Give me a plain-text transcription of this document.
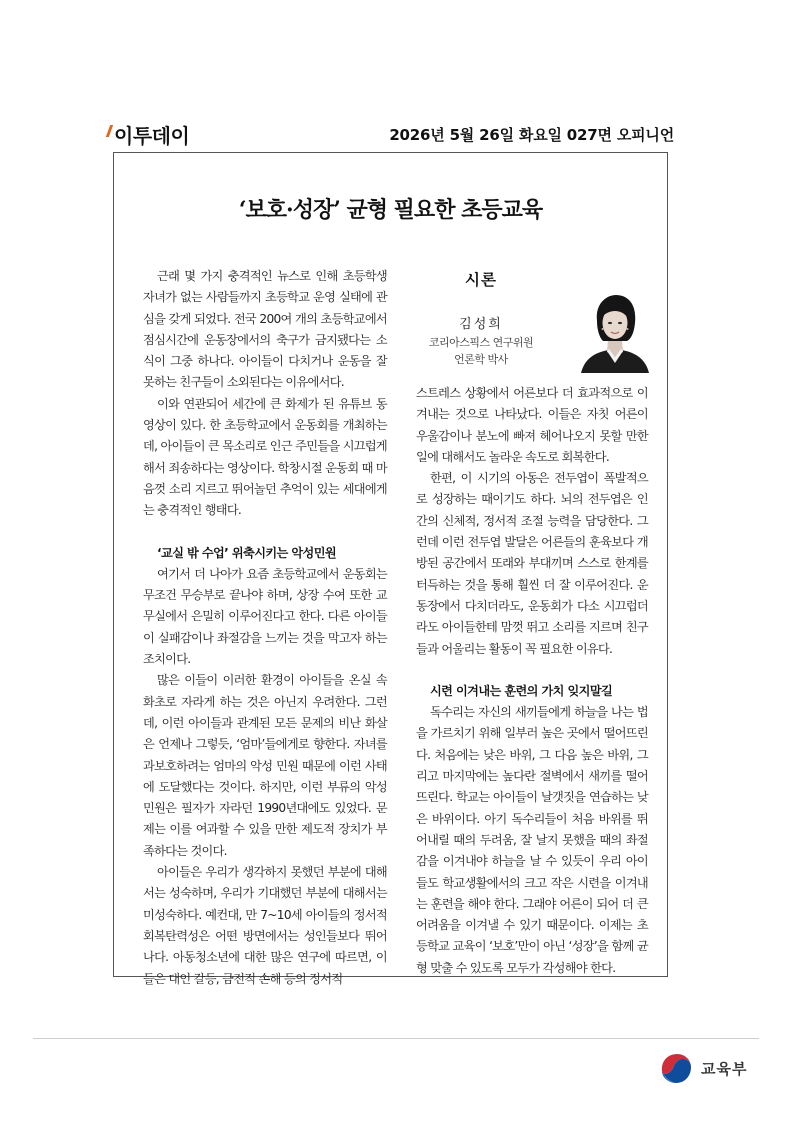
이투데이	2026년 5월 26일 화요일 027면 오피니언
‘보호·성장’ 균형 필요한 초등교육

근래 몇 가지 충격적인 뉴스로 인해 초등학생 자녀가 없는 사람들까지 초등학교 운영 실태에 관심을 갖게 되었다. 전국 200여 개의 초등학교에서 점심시간에 운동장에서의 축구가 금지됐다는 소식이 그중 하나다. 아이들이 다치거나 운동을 잘 못하는 친구들이 소외된다는 이유에서다.

이와 연관되어 세간에 큰 화제가 된 유튜브 동영상이 있다. 한 초등학교에서 운동회를 개최하는데, 아이들이 큰 목소리로 인근 주민들을 시끄럽게 해서 죄송하다는 영상이다. 학창시절 운동회 때 마음껏 소리 지르고 뛰어놀던 추억이 있는 세대에게는 충격적인 행태다.

‘교실 밖 수업’ 위축시키는 악성민원

여기서 더 나아가 요즘 초등학교에서 운동회는 무조건 무승부로 끝나야 하며, 상장 수여 또한 교무실에서 은밀히 이루어진다고 한다. 다른 아이들이 실패감이나 좌절감을 느끼는 것을 막고자 하는 조치이다.

많은 이들이 이러한 환경이 아이들을 온실 속 화초로 자라게 하는 것은 아닌지 우려한다. 그런데, 이런 아이들과 관계된 모든 문제의 비난 화살은 언제나 그렇듯, ‘엄마’들에게로 향한다. 자녀를 과보호하려는 엄마의 악성 민원 때문에 이런 사태에 도달했다는 것이다. 하지만, 이런 부류의 악성민원은 필자가 자라던 1990년대에도 있었다. 문제는 이를 여과할 수 있을 만한 제도적 장치가 부족하다는 것이다.

아이들은 우리가 생각하지 못했던 부분에 대해서는 성숙하며, 우리가 기대했던 부분에 대해서는 미성숙하다. 예컨대, 만 7~10세 아이들의 정서적 회복탄력성은 어떤 방면에서는 성인들보다 뛰어나다. 아동청소년에 대한 많은 연구에 따르면, 이들은 대인 갈등, 금전적 손해 등의 정서적

시론
김성희
코리아스픽스 연구위원
언론학 박사

스트레스 상황에서 어른보다 더 효과적으로 이겨내는 것으로 나타났다. 이들은 자칫 어른이 우울감이나 분노에 빠져 헤어나오지 못할 만한 일에 대해서도 놀라운 속도로 회복한다.

한편, 이 시기의 아동은 전두엽이 폭발적으로 성장하는 때이기도 하다. 뇌의 전두엽은 인간의 신체적, 정서적 조절 능력을 담당한다. 그런데 이런 전두엽 발달은 어른들의 훈육보다 개방된 공간에서 또래와 부대끼며 스스로 한계를 터득하는 것을 통해 훨씬 더 잘 이루어진다. 운동장에서 다치더라도, 운동회가 다소 시끄럽더라도 아이들한테 맘껏 뛰고 소리를 지르며 친구들과 어울리는 활동이 꼭 필요한 이유다.

시련 이겨내는 훈련의 가치 잊지말길

독수리는 자신의 새끼들에게 하늘을 나는 법을 가르치기 위해 일부러 높은 곳에서 떨어뜨린다. 처음에는 낮은 바위, 그 다음 높은 바위, 그리고 마지막에는 높다란 절벽에서 새끼를 떨어뜨린다. 학교는 아이들이 날갯짓을 연습하는 낮은 바위이다. 아기 독수리들이 처음 바위를 뛰어내릴 때의 두려움, 잘 날지 못했을 때의 좌절감을 이겨내야 하늘을 날 수 있듯이 우리 아이들도 학교생활에서의 크고 작은 시련을 이겨내는 훈련을 해야 한다. 그래야 어른이 되어 더 큰 어려움을 이겨낼 수 있기 때문이다. 이제는 초등학교 교육이 ‘보호’만이 아닌 ‘성장’을 함께 균형 맞출 수 있도록 모두가 각성해야 한다.

교육부
